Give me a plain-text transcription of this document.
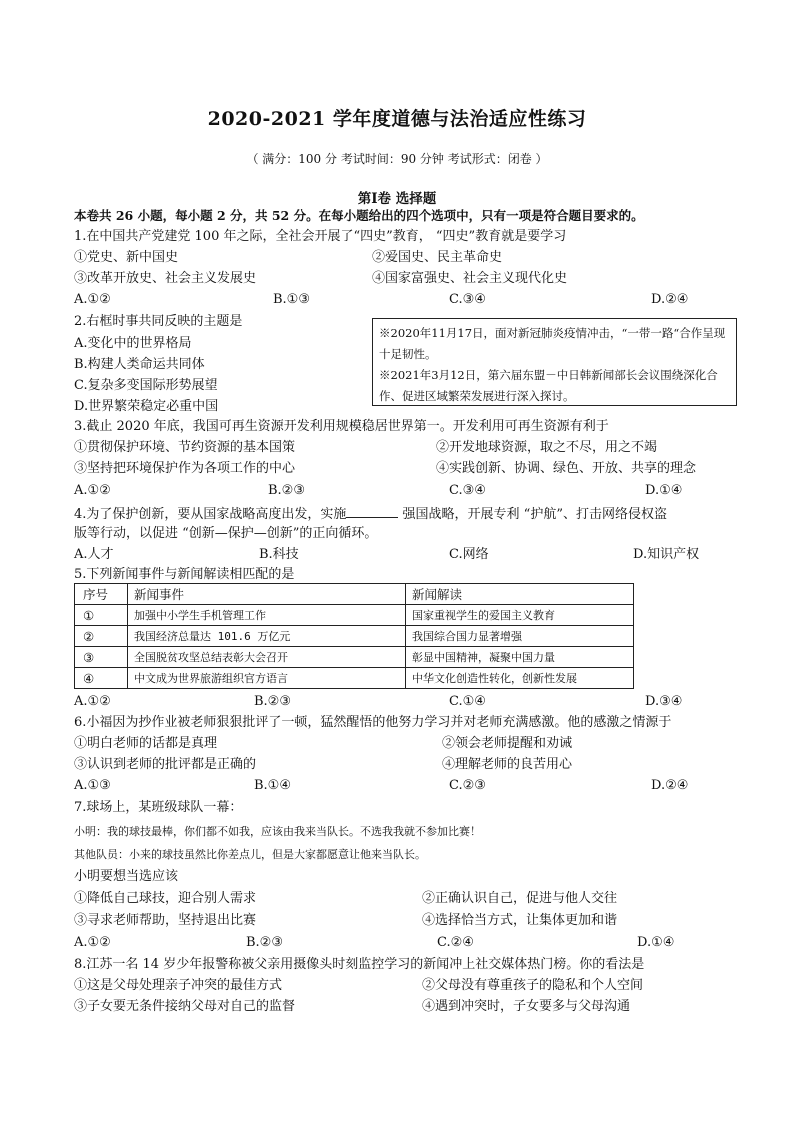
2020-2021 学年度道德与法治适应性练习
（ 满分：100 分 考试时间：90 分钟 考试形式：闭卷 ）
第Ⅰ卷 选择题
本卷共 26 小题，每小题 2 分，共 52 分。在每小题给出的四个选项中，只有一项是符合题目要求的。
1.在中国共产党建党 100 年之际，全社会开展了“四史”教育， “四史”教育就是要学习
①党史、新中国史	②爱国史、民主革命史
③改革开放史、社会主义发展史	④国家富强史、社会主义现代化史
A.①②	B.①③	C.③④	D.②④
2.右框时事共同反映的主题是
A.变化中的世界格局
B.构建人类命运共同体
C.复杂多变国际形势展望
D.世界繁荣稳定必重中国
※2020年11月17日，面对新冠肺炎疫情冲击，“一带一路“合作呈现十足韧性。
※2021年3月12日，第六届东盟－中日韩新闻部长会议围绕深化合作、促进区域繁荣发展进行深入探讨。
3.截止 2020 年底，我国可再生资源开发利用规模稳居世界第一。开发利用可再生资源有利于
①贯彻保护环境、节约资源的基本国策	②开发地球资源，取之不尽，用之不竭
③坚持把环境保护作为各项工作的中心	④实践创新、协调、绿色、开放、共享的理念
A.①②	B.②③	C.③④	D.①④
4.为了保护创新，要从国家战略高度出发，实施	强国战略，开展专利 “护航”、打击网络侵权盗
版等行动，以促进 “创新—保护—创新”的正向循环。
A.人才	B.科技	C.网络	D.知识产权
5.下列新闻事件与新闻解读相匹配的是
序号	新闻事件	新闻解读
①	加强中小学生手机管理工作	国家重视学生的爱国主义教育
②	我国经济总量达 101.6 万亿元	我国综合国力显著增强
③	全国脱贫攻坚总结表彰大会召开	彰显中国精神，凝聚中国力量
④	中文成为世界旅游组织官方语言	中华文化创造性转化，创新性发展
A.①②	B.②③	C.①④	D.③④
6.小福因为抄作业被老师狠狠批评了一顿，猛然醒悟的他努力学习并对老师充满感激。他的感激之情源于
①明白老师的话都是真理	②领会老师提醒和劝诫
③认识到老师的批评都是正确的	④理解老师的良苦用心
A.①③	B.①④	C.②③	D.②④
7.球场上，某班级球队一幕：
小明：我的球技最棒，你们都不如我，应该由我来当队长。不选我我就不参加比赛！
其他队员：小来的球技虽然比你差点儿，但是大家都愿意让他来当队长。
小明要想当选应该
①降低自己球技，迎合别人需求	②正确认识自己，促进与他人交往
③寻求老师帮助，坚持退出比赛	④选择恰当方式，让集体更加和谐
A.①②	B.②③	C.②④	D.①④
8.江苏一名 14 岁少年报警称被父亲用摄像头时刻监控学习的新闻冲上社交媒体热门榜。你的看法是
①这是父母处理亲子冲突的最佳方式	②父母没有尊重孩子的隐私和个人空间
③子女要无条件接纳父母对自己的监督	④遇到冲突时，子女要多与父母沟通
